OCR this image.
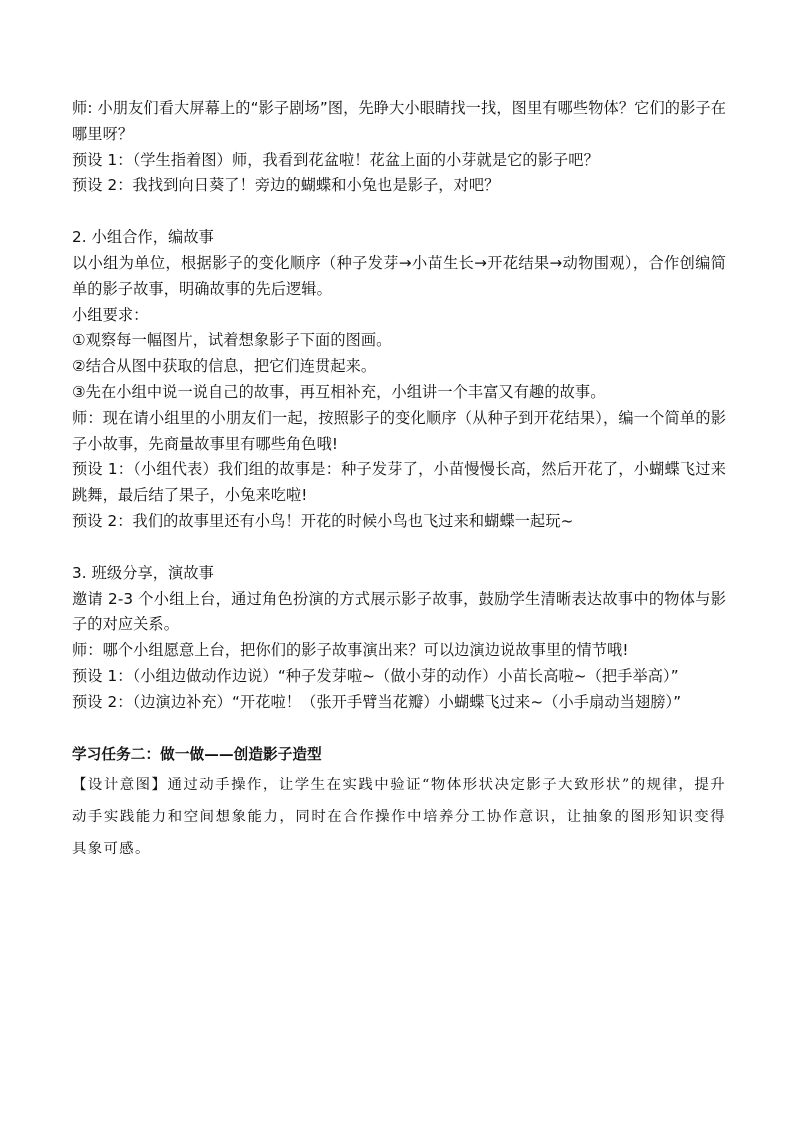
师: 小朋友们看大屏幕上的“影子剧场”图，先睁大小眼睛找一找，图里有哪些物体？它们的影子在哪里呀？

预设 1：（学生指着图）师，我看到花盆啦！花盆上面的小芽就是它的影子吧？

预设 2：我找到向日葵了！旁边的蝴蝶和小兔也是影子，对吧？

2. 小组合作，编故事

以小组为单位，根据影子的变化顺序（种子发芽→小苗生长→开花结果→动物围观），合作创编简单的影子故事，明确故事的先后逻辑。

小组要求：

①观察每一幅图片，试着想象影子下面的图画。

②结合从图中获取的信息，把它们连贯起来。

③先在小组中说一说自己的故事，再互相补充，小组讲一个丰富又有趣的故事。

师：现在请小组里的小朋友们一起，按照影子的变化顺序（从种子到开花结果），编一个简单的影子小故事，先商量故事里有哪些角色哦!

预设 1：（小组代表）我们组的故事是：种子发芽了，小苗慢慢长高，然后开花了，小蝴蝶飞过来跳舞，最后结了果子，小兔来吃啦!

预设 2：我们的故事里还有小鸟！开花的时候小鸟也飞过来和蝴蝶一起玩~

3. 班级分享，演故事

邀请 2-3 个小组上台，通过角色扮演的方式展示影子故事，鼓励学生清晰表达故事中的物体与影子的对应关系。

师：哪个小组愿意上台，把你们的影子故事演出来？可以边演边说故事里的情节哦!

预设 1：（小组边做动作边说）“种子发芽啦~（做小芽的动作）小苗长高啦~（把手举高）”

预设 2：（边演边补充）“开花啦！（张开手臂当花瓣）小蝴蝶飞过来~（小手扇动当翅膀）”

学习任务二：做一做——创造影子造型

【设计意图】通过动手操作，让学生在实践中验证“物体形状决定影子大致形状”的规律，提升动手实践能力和空间想象能力，同时在合作操作中培养分工协作意识，让抽象的图形知识变得具象可感。
